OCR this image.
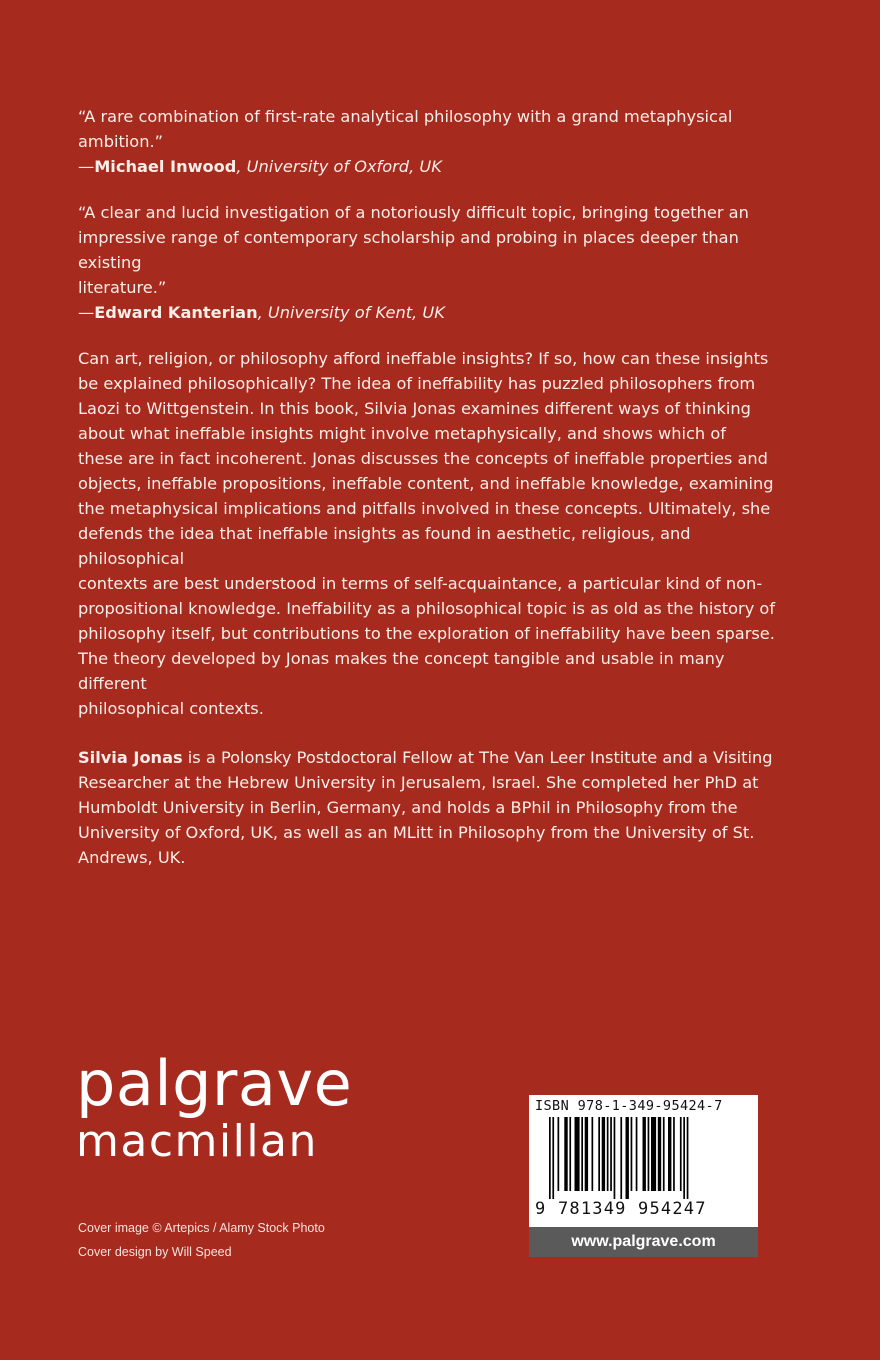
“A rare combination of first-rate analytical philosophy with a grand metaphysical

ambition.”

—Michael Inwood, University of Oxford, UK

“A clear and lucid investigation of a notoriously difficult topic, bringing together an

impressive range of contemporary scholarship and probing in places deeper than existing

literature.”

—Edward Kanterian, University of Kent, UK

Can art, religion, or philosophy afford ineffable insights? If so, how can these insights

be explained philosophically? The idea of ineffability has puzzled philosophers from

Laozi to Wittgenstein. In this book, Silvia Jonas examines different ways of thinking

about what ineffable insights might involve metaphysically, and shows which of

these are in fact incoherent. Jonas discusses the concepts of ineffable properties and

objects, ineffable propositions, ineffable content, and ineffable knowledge, examining

the metaphysical implications and pitfalls involved in these concepts. Ultimately, she

defends the idea that ineffable insights as found in aesthetic, religious, and philosophical

contexts are best understood in terms of self-acquaintance, a particular kind of non-

propositional knowledge. Ineffability as a philosophical topic is as old as the history of

philosophy itself, but contributions to the exploration of ineffability have been sparse.

The theory developed by Jonas makes the concept tangible and usable in many different

philosophical contexts.

Silvia Jonas is a Polonsky Postdoctoral Fellow at The Van Leer Institute and a Visiting

Researcher at the Hebrew University in Jerusalem, Israel. She completed her PhD at

Humboldt University in Berlin, Germany, and holds a BPhil in Philosophy from the

University of Oxford, UK, as well as an MLitt in Philosophy from the University of St.

Andrews, UK.

palgrave
macmillan
Cover image © Artepics / Alamy Stock Photo
Cover design by Will Speed
ISBN 978-1-349-95424-7
9 781349 954247
www.palgrave.com
